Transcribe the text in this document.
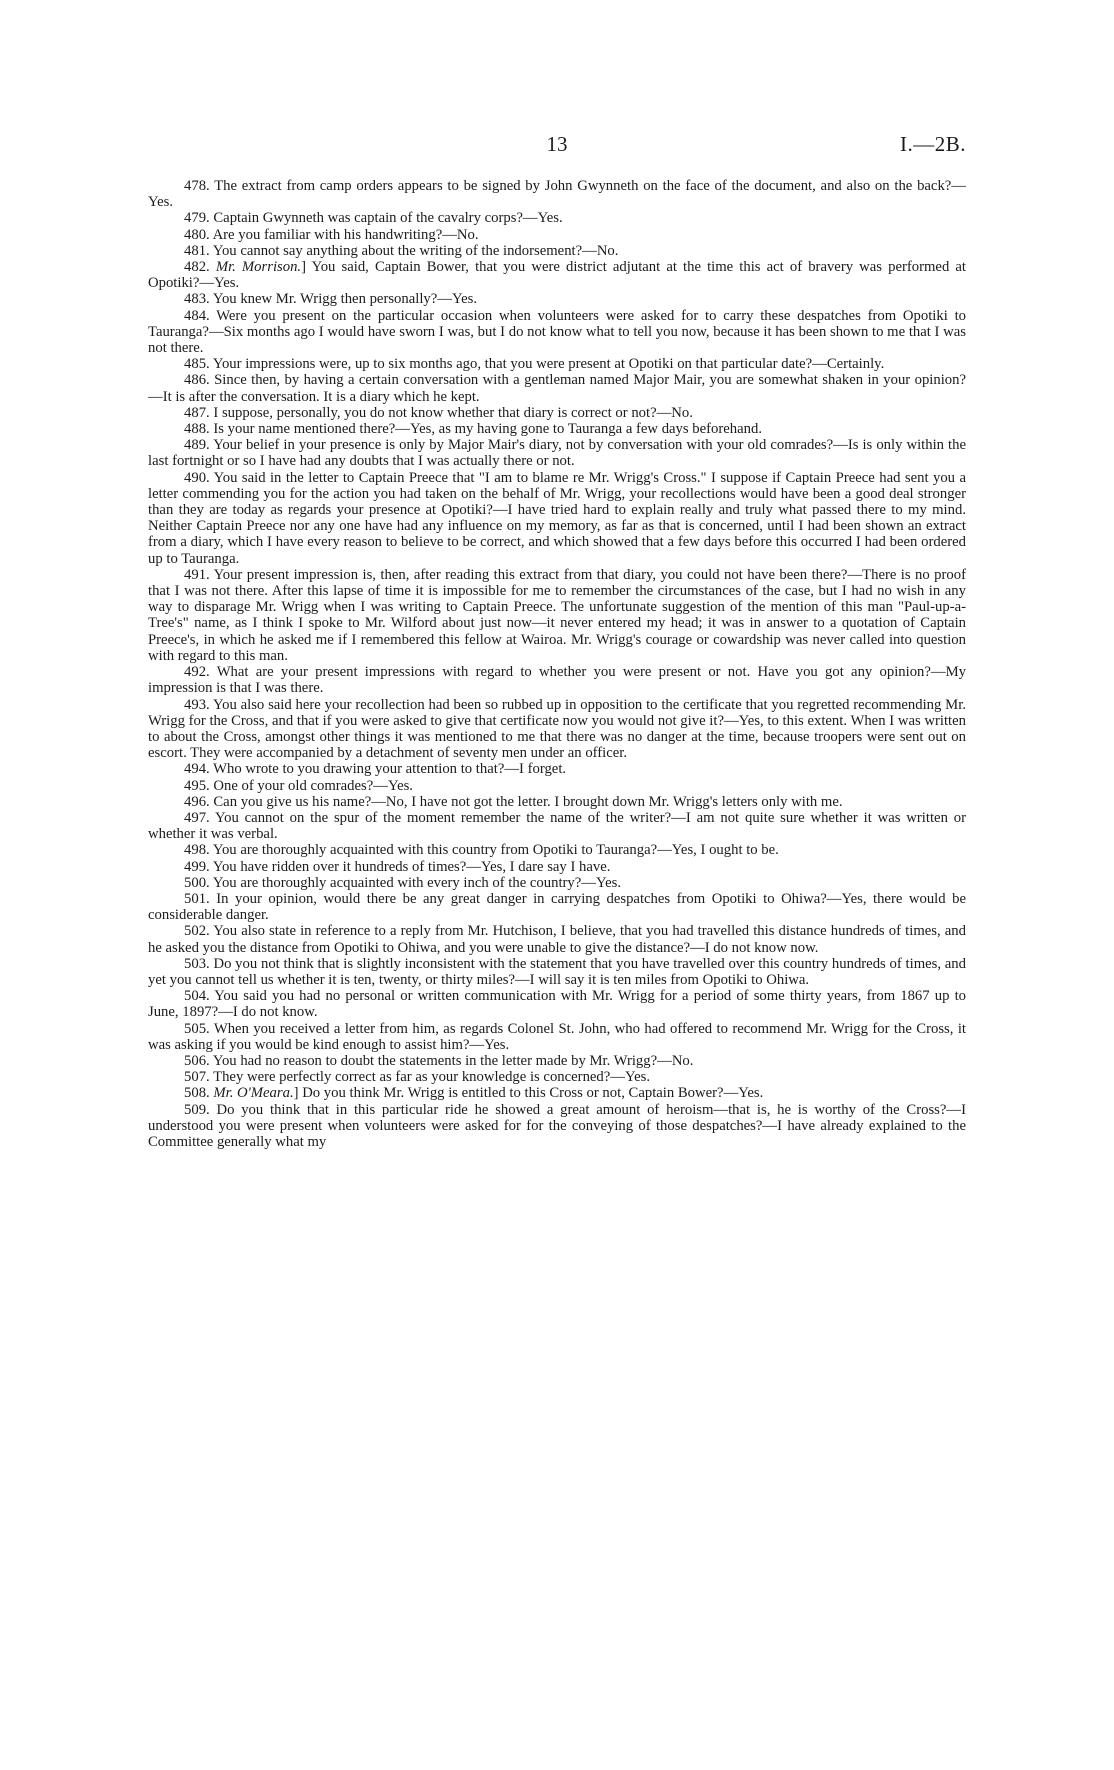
13	I.—2B.

478. The extract from camp orders appears to be signed by John Gwynneth on the face of the document, and also on the back?—Yes.

479. Captain Gwynneth was captain of the cavalry corps?—Yes.

480. Are you familiar with his handwriting?—No.

481. You cannot say anything about the writing of the indorsement?—No.

482. Mr. Morrison.] You said, Captain Bower, that you were district adjutant at the time this act of bravery was performed at Opotiki?—Yes.

483. You knew Mr. Wrigg then personally?—Yes.

484. Were you present on the particular occasion when volunteers were asked for to carry these despatches from Opotiki to Tauranga?—Six months ago I would have sworn I was, but I do not know what to tell you now, because it has been shown to me that I was not there.

485. Your impressions were, up to six months ago, that you were present at Opotiki on that particular date?—Certainly.

486. Since then, by having a certain conversation with a gentleman named Major Mair, you are somewhat shaken in your opinion?—It is after the conversation. It is a diary which he kept.

487. I suppose, personally, you do not know whether that diary is correct or not?—No.

488. Is your name mentioned there?—Yes, as my having gone to Tauranga a few days beforehand.

489. Your belief in your presence is only by Major Mair's diary, not by conversation with your old comrades?—Is is only within the last fortnight or so I have had any doubts that I was actually there or not.

490. You said in the letter to Captain Preece that "I am to blame re Mr. Wrigg's Cross." I suppose if Captain Preece had sent you a letter commending you for the action you had taken on the behalf of Mr. Wrigg, your recollections would have been a good deal stronger than they are today as regards your presence at Opotiki?—I have tried hard to explain really and truly what passed there to my mind. Neither Captain Preece nor any one have had any influence on my memory, as far as that is concerned, until I had been shown an extract from a diary, which I have every reason to believe to be correct, and which showed that a few days before this occurred I had been ordered up to Tauranga.

491. Your present impression is, then, after reading this extract from that diary, you could not have been there?—There is no proof that I was not there. After this lapse of time it is impossible for me to remember the circumstances of the case, but I had no wish in any way to disparage Mr. Wrigg when I was writing to Captain Preece. The unfortunate suggestion of the mention of this man "Paul-up-a-Tree's" name, as I think I spoke to Mr. Wilford about just now—it never entered my head; it was in answer to a quotation of Captain Preece's, in which he asked me if I remembered this fellow at Wairoa. Mr. Wrigg's courage or cowardship was never called into question with regard to this man.

492. What are your present impressions with regard to whether you were present or not. Have you got any opinion?—My impression is that I was there.

493. You also said here your recollection had been so rubbed up in opposition to the certificate that you regretted recommending Mr. Wrigg for the Cross, and that if you were asked to give that certificate now you would not give it?—Yes, to this extent. When I was written to about the Cross, amongst other things it was mentioned to me that there was no danger at the time, because troopers were sent out on escort. They were accompanied by a detachment of seventy men under an officer.

494. Who wrote to you drawing your attention to that?—I forget.

495. One of your old comrades?—Yes.

496. Can you give us his name?—No, I have not got the letter. I brought down Mr. Wrigg's letters only with me.

497. You cannot on the spur of the moment remember the name of the writer?—I am not quite sure whether it was written or whether it was verbal.

498. You are thoroughly acquainted with this country from Opotiki to Tauranga?—Yes, I ought to be.

499. You have ridden over it hundreds of times?—Yes, I dare say I have.

500. You are thoroughly acquainted with every inch of the country?—Yes.

501. In your opinion, would there be any great danger in carrying despatches from Opotiki to Ohiwa?—Yes, there would be considerable danger.

502. You also state in reference to a reply from Mr. Hutchison, I believe, that you had travelled this distance hundreds of times, and he asked you the distance from Opotiki to Ohiwa, and you were unable to give the distance?—I do not know now.

503. Do you not think that is slightly inconsistent with the statement that you have travelled over this country hundreds of times, and yet you cannot tell us whether it is ten, twenty, or thirty miles?—I will say it is ten miles from Opotiki to Ohiwa.

504. You said you had no personal or written communication with Mr. Wrigg for a period of some thirty years, from 1867 up to June, 1897?—I do not know.

505. When you received a letter from him, as regards Colonel St. John, who had offered to recommend Mr. Wrigg for the Cross, it was asking if you would be kind enough to assist him?—Yes.

506. You had no reason to doubt the statements in the letter made by Mr. Wrigg?—No.

507. They were perfectly correct as far as your knowledge is concerned?—Yes.

508. Mr. O'Meara.] Do you think Mr. Wrigg is entitled to this Cross or not, Captain Bower?—Yes.

509. Do you think that in this particular ride he showed a great amount of heroism—that is, he is worthy of the Cross?—I understood you were present when volunteers were asked for for the conveying of those despatches?—I have already explained to the Committee generally what my
